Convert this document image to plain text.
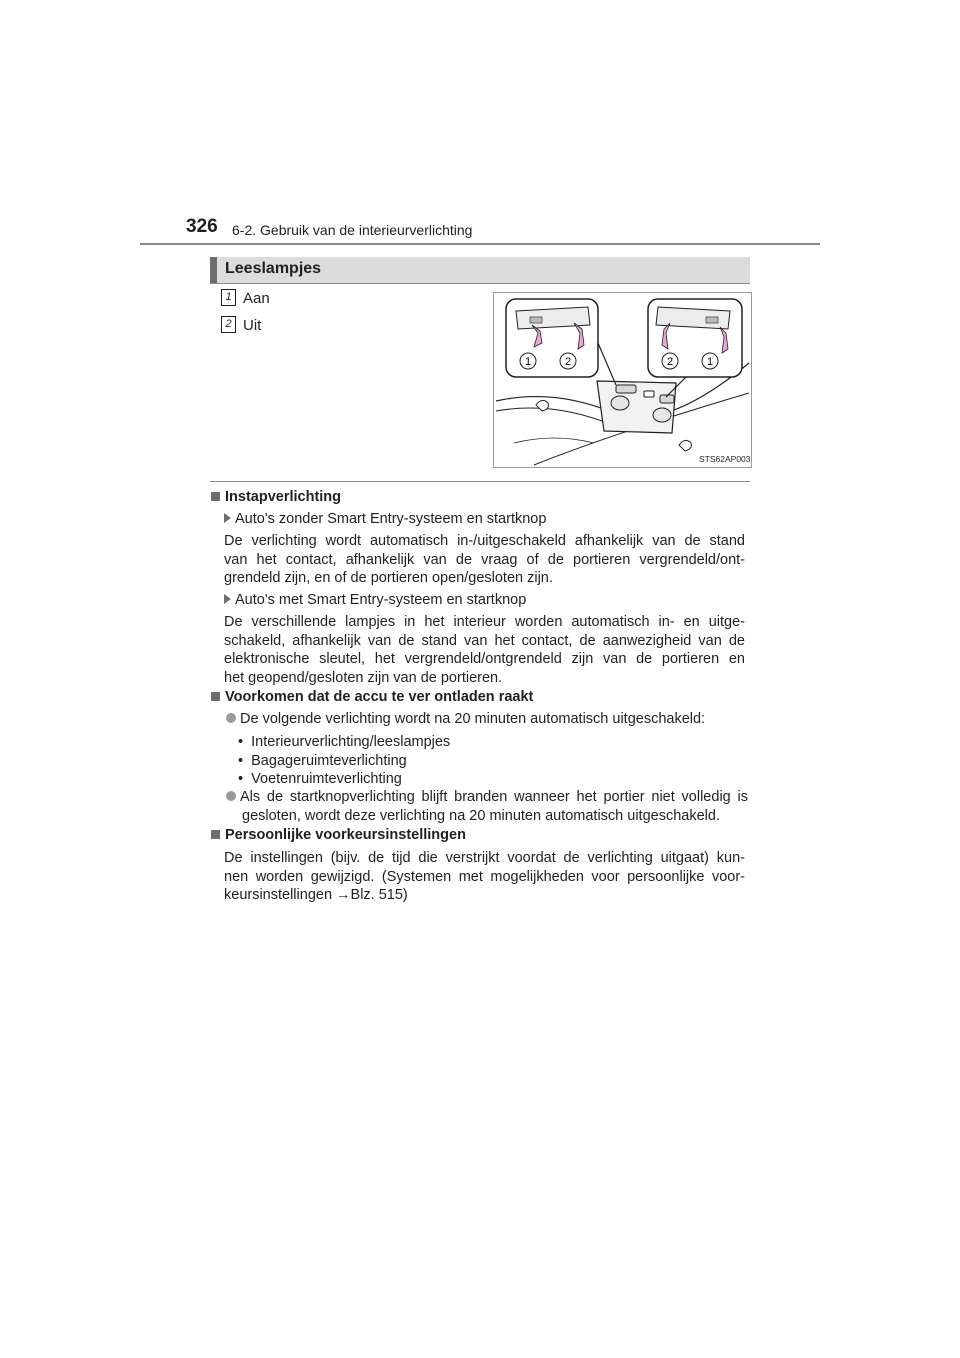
326 6-2. Gebruik van de interieurverlichting
Leeslampjes
1 Aan
2 Uit
1	2	2	1
STS62AP003
Instapverlichting
Auto's zonder Smart Entry-systeem en startknop
De verlichting wordt automatisch in-/uitgeschakeld afhankelijk van de stand
van het contact, afhankelijk van de vraag of de portieren vergrendeld/ont-
grendeld zijn, en of de portieren open/gesloten zijn.
Auto's met Smart Entry-systeem en startknop
De verschillende lampjes in het interieur worden automatisch in- en uitge-
schakeld, afhankelijk van de stand van het contact, de aanwezigheid van de
elektronische sleutel, het vergrendeld/ontgrendeld zijn van de portieren en
het geopend/gesloten zijn van de portieren.
Voorkomen dat de accu te ver ontladen raakt
De volgende verlichting wordt na 20 minuten automatisch uitgeschakeld:
•  Interieurverlichting/leeslampjes
•  Bagageruimteverlichting
•  Voetenruimteverlichting
Als de startknopverlichting blijft branden wanneer het portier niet volledig is
gesloten, wordt deze verlichting na 20 minuten automatisch uitgeschakeld.
Persoonlijke voorkeursinstellingen
De instellingen (bijv. de tijd die verstrijkt voordat de verlichting uitgaat) kun-
nen worden gewijzigd. (Systemen met mogelijkheden voor persoonlijke voor-
keursinstellingen →Blz. 515)
